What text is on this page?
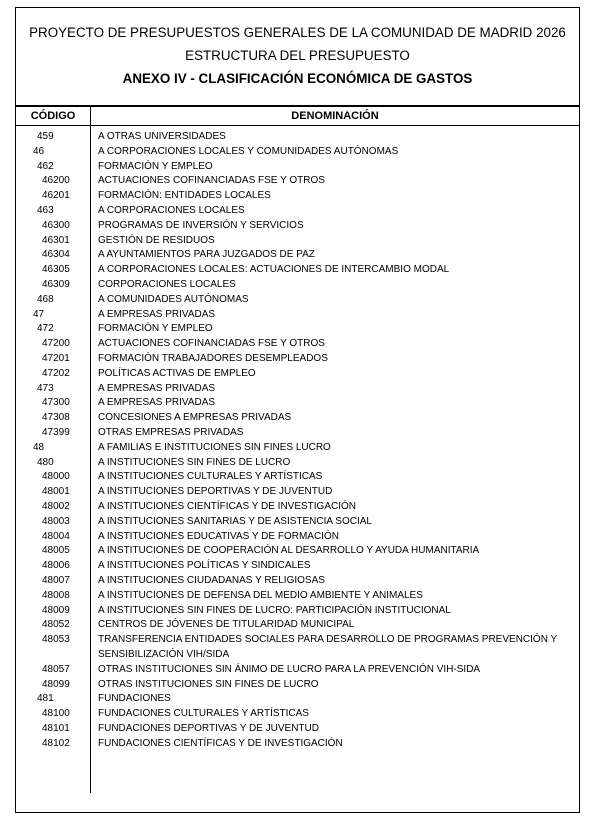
PROYECTO DE PRESUPUESTOS GENERALES DE LA COMUNIDAD DE MADRID 2026
ESTRUCTURA DEL PRESUPUESTO
ANEXO IV - CLASIFICACIÓN ECONÓMICA DE GASTOS
CÓDIGO	DENOMINACIÓN
459	A OTRAS UNIVERSIDADES
46	A CORPORACIONES LOCALES Y COMUNIDADES AUTÓNOMAS
462	FORMACIÓN Y EMPLEO
46200	ACTUACIONES COFINANCIADAS FSE Y OTROS
46201	FORMACIÓN: ENTIDADES LOCALES
463	A CORPORACIONES LOCALES
46300	PROGRAMAS DE INVERSIÓN Y SERVICIOS
46301	GESTIÓN DE RESIDUOS
46304	A AYUNTAMIENTOS PARA JUZGADOS DE PAZ
46305	A CORPORACIONES LOCALES: ACTUACIONES DE INTERCAMBIO MODAL
46309	CORPORACIONES LOCALES
468	A COMUNIDADES AUTÓNOMAS
47	A EMPRESAS PRIVADAS
472	FORMACIÓN Y EMPLEO
47200	ACTUACIONES COFINANCIADAS FSE Y OTROS
47201	FORMACIÓN TRABAJADORES DESEMPLEADOS
47202	POLÍTICAS ACTIVAS DE EMPLEO
473	A EMPRESAS PRIVADAS
47300	A EMPRESAS PRIVADAS
47308	CONCESIONES A EMPRESAS PRIVADAS
47399	OTRAS EMPRESAS PRIVADAS
48	A FAMILIAS E INSTITUCIONES SIN FINES LUCRO
480	A INSTITUCIONES SIN FINES DE LUCRO
48000	A INSTITUCIONES CULTURALES Y ARTÍSTICAS
48001	A INSTITUCIONES DEPORTIVAS Y DE JUVENTUD
48002	A INSTITUCIONES CIENTÍFICAS Y DE INVESTIGACIÓN
48003	A INSTITUCIONES SANITARIAS Y DE ASISTENCIA SOCIAL
48004	A INSTITUCIONES EDUCATIVAS Y DE FORMACIÓN
48005	A INSTITUCIONES DE COOPERACIÓN AL DESARROLLO Y AYUDA HUMANITARIA
48006	A INSTITUCIONES POLÍTICAS Y SINDICALES
48007	A INSTITUCIONES CIUDADANAS Y RELIGIOSAS
48008	A INSTITUCIONES DE DEFENSA DEL MEDIO AMBIENTE Y ANIMALES
48009	A INSTITUCIONES SIN FINES DE LUCRO: PARTICIPACIÓN INSTITUCIONAL
48052	CENTROS DE JÓVENES DE TITULARIDAD MUNICIPAL
48053	TRANSFERENCIA ENTIDADES SOCIALES PARA DESARROLLO DE PROGRAMAS PREVENCIÓN Y SENSIBILIZACIÓN VIH/SIDA
48057	OTRAS INSTITUCIONES SIN ÁNIMO DE LUCRO PARA LA PREVENCIÓN VIH-SIDA
48099	OTRAS INSTITUCIONES SIN FINES DE LUCRO
481	FUNDACIONES
48100	FUNDACIONES CULTURALES Y ARTÍSTICAS
48101	FUNDACIONES DEPORTIVAS Y DE JUVENTUD
48102	FUNDACIONES CIENTÍFICAS Y DE INVESTIGACIÓN
